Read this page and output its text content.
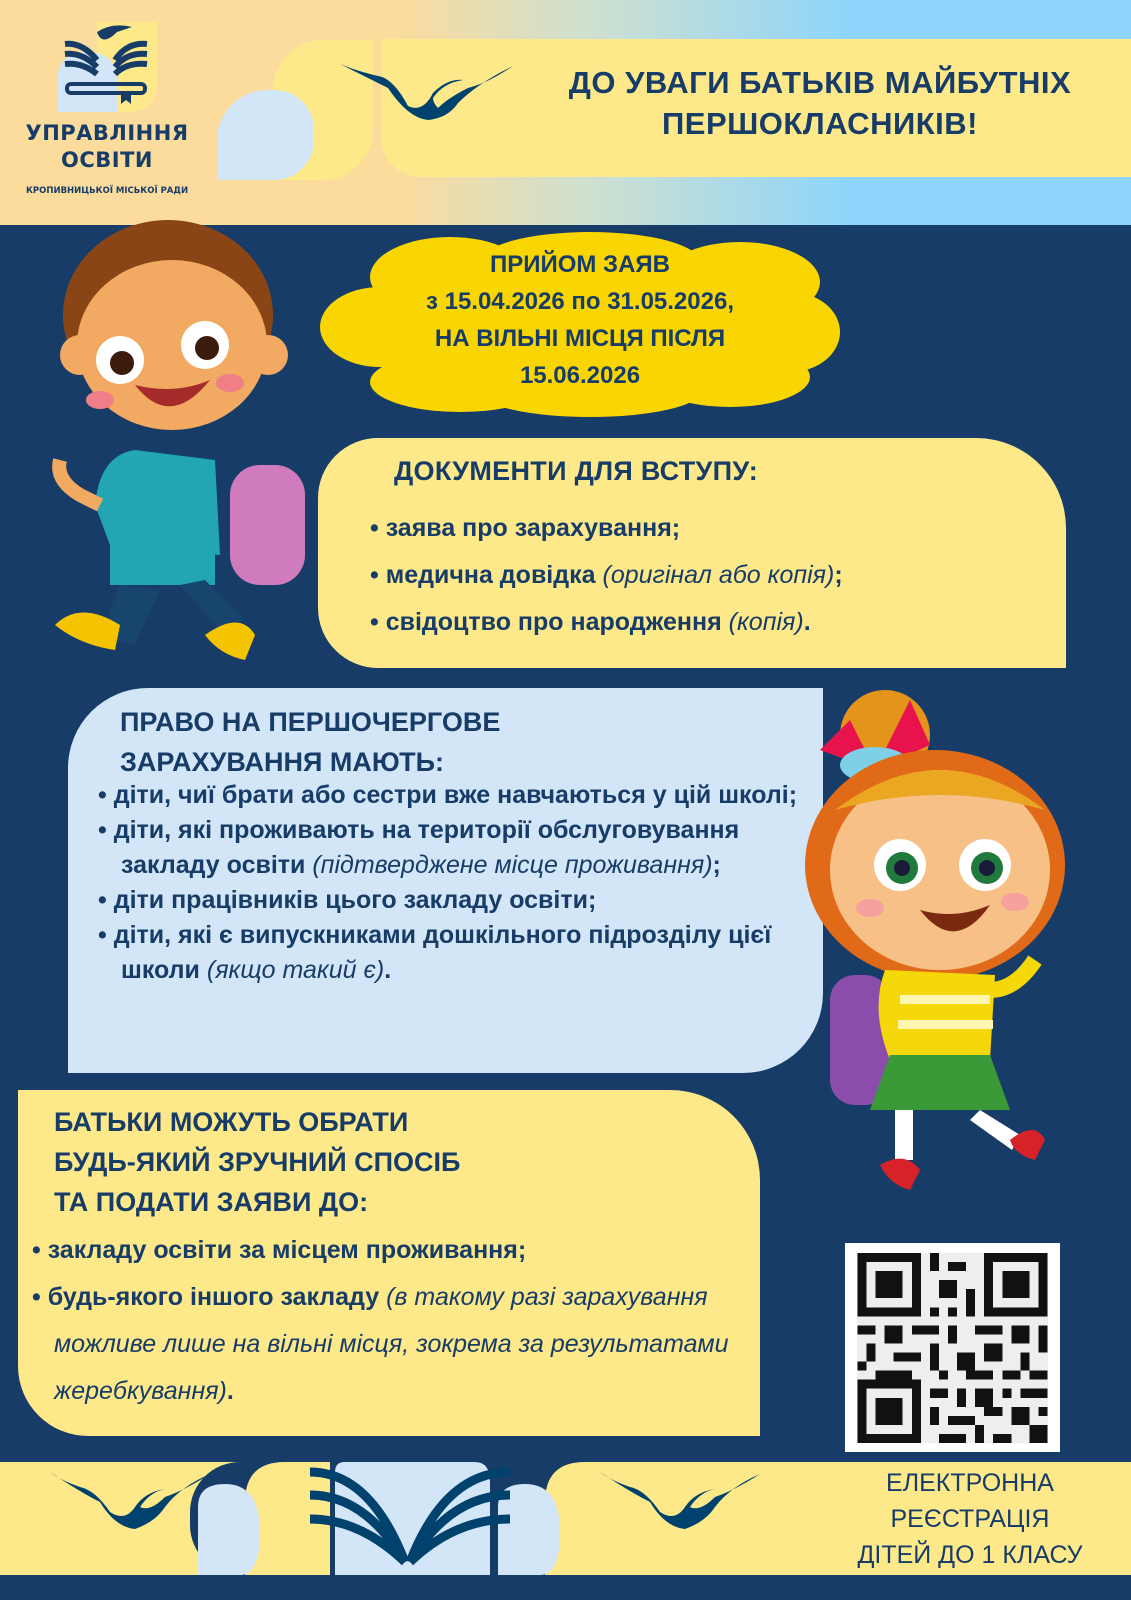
УПРАВЛІННЯ
ОСВІТИ
КРОПИВНИЦЬКОЇ МІСЬКОЇ РАДИ
ДО УВАГИ БАТЬКІВ МАЙБУТНІХ
ПЕРШОКЛАСНИКІВ!
ПРИЙОМ ЗАЯВ
з 15.04.2026 по 31.05.2026,
НА ВІЛЬНІ МІСЦЯ ПІСЛЯ
15.06.2026
ДОКУМЕНТИ ДЛЯ ВСТУПУ:
• заява про зарахування;
• медична довідка (оригінал або копія);
• свідоцтво про народження (копія).
ПРАВО НА ПЕРШОЧЕРГОВЕ
ЗАРАХУВАННЯ МАЮТЬ:
• діти, чиї брати або сестри вже навчаються у цій школі;
• діти, які проживають на території обслуговування закладу освіти (підтверджене місце проживання);
• діти працівників цього закладу освіти;
• діти, які є випускниками дошкільного підрозділу цієї школи (якщо такий є).
БАТЬКИ МОЖУТЬ ОБРАТИ
БУДЬ-ЯКИЙ ЗРУЧНИЙ СПОСІБ
ТА ПОДАТИ ЗАЯВИ ДО:
• закладу освіти за місцем проживання;
• будь-якого іншого закладу (в такому разі зарахування можливе лише на вільні місця, зокрема за результатами жеребкування).
ЕЛЕКТРОННА
РЕЄСТРАЦІЯ
ДІТЕЙ ДО 1 КЛАСУ
